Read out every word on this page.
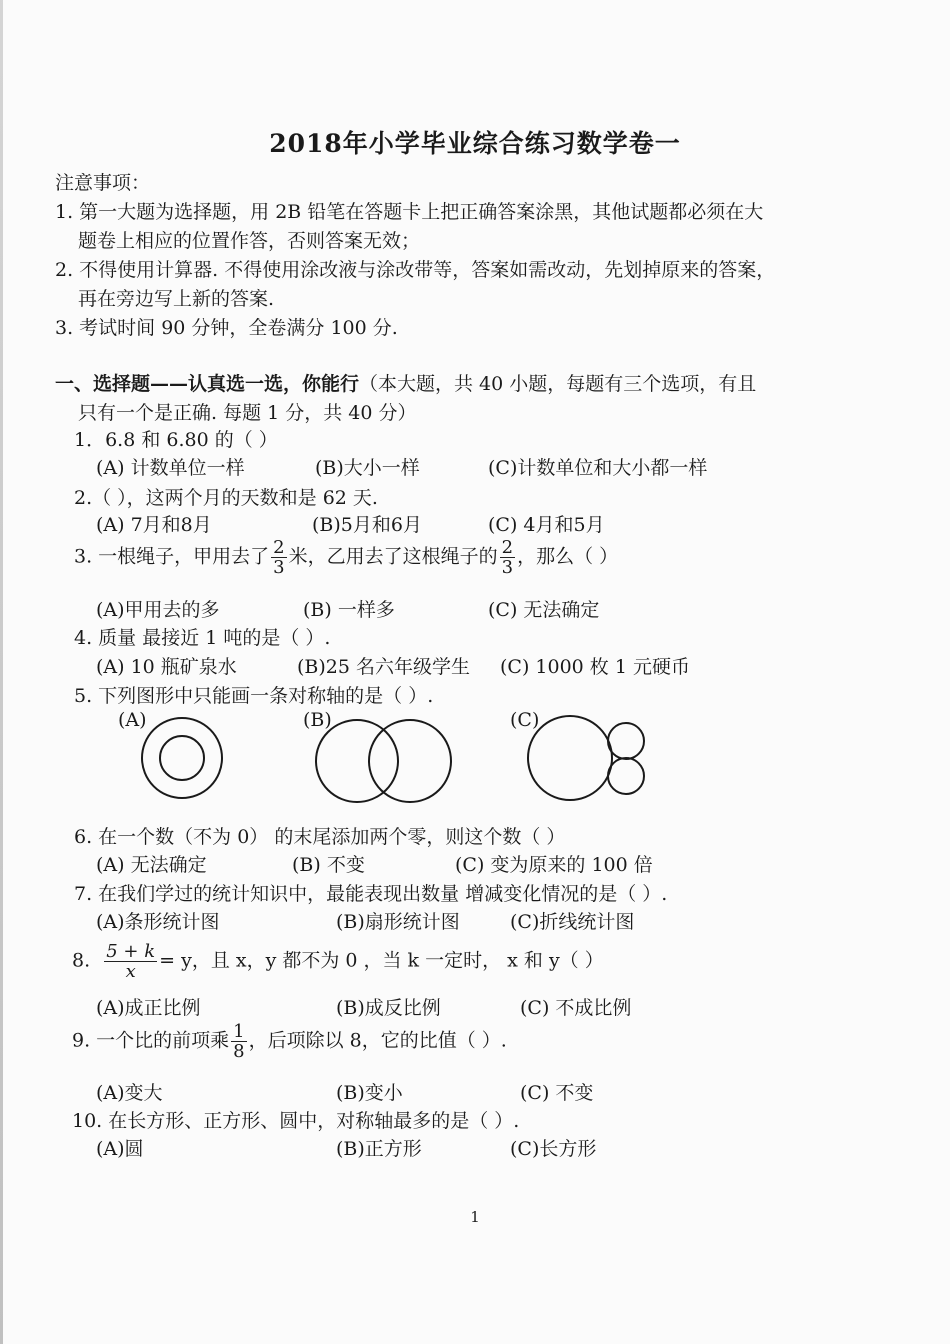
2018年小学毕业综合练习数学卷一
注意事项：
1. 第一大题为选择题，用 2B 铅笔在答题卡上把正确答案涂黑，其他试题都必须在大
题卷上相应的位置作答，否则答案无效；
2. 不得使用计算器. 不得使用涂改液与涂改带等，答案如需改动，先划掉原来的答案，
再在旁边写上新的答案.
3. 考试时间 90 分钟，全卷满分 100 分.
一、选择题——认真选一选，你能行（本大题，共 40 小题，每题有三个选项，有且
只有一个是正确. 每题 1 分，共 40 分）
1．6.8 和 6.80 的（ ）
(A) 计数单位一样	(B)大小一样	(C)计数单位和大小都一样
2.（ ），这两个月的天数和是 62 天.
(A) 7月和8月	(B)5月和6月	(C) 4月和5月
3. 一根绳子，甲用去了 $\frac{2}{3}$ 米，乙用去了这根绳子的 $\frac{2}{3}$ ，那么（ ）
(A)甲用去的多	(B) 一样多	(C) 无法确定
4. 质量 最接近 1 吨的是（ ）.
(A) 10 瓶矿泉水	(B)25 名六年级学生 (C) 1000 枚 1 元硬币
5. 下列图形中只能画一条对称轴的是（ ）.
(A)	(B)	(C)
6. 在一个数（不为 0） 的末尾添加两个零，则这个数（ ）
(A) 无法确定	(B) 不变	(C) 变为原来的 100 倍
7. 在我们学过的统计知识中，最能表现出数量 增减变化情况的是（ ）.
(A)条形统计图	(B)扇形统计图	(C)折线统计图
8. $\frac{5 + k}{x} = y$，且 x，y 都不为 0 ，当 k 一定时， x 和 y（ ）
(A)成正比例	(B)成反比例	(C) 不成比例
9. 一个比的前项乘 $\frac{1}{8}$ ，后项除以 8，它的比值（ ）.
(A)变大	(B)变小	(C) 不变
10. 在长方形、正方形、圆中，对称轴最多的是（ ）.
(A)圆	(B)正方形	(C)长方形
1
